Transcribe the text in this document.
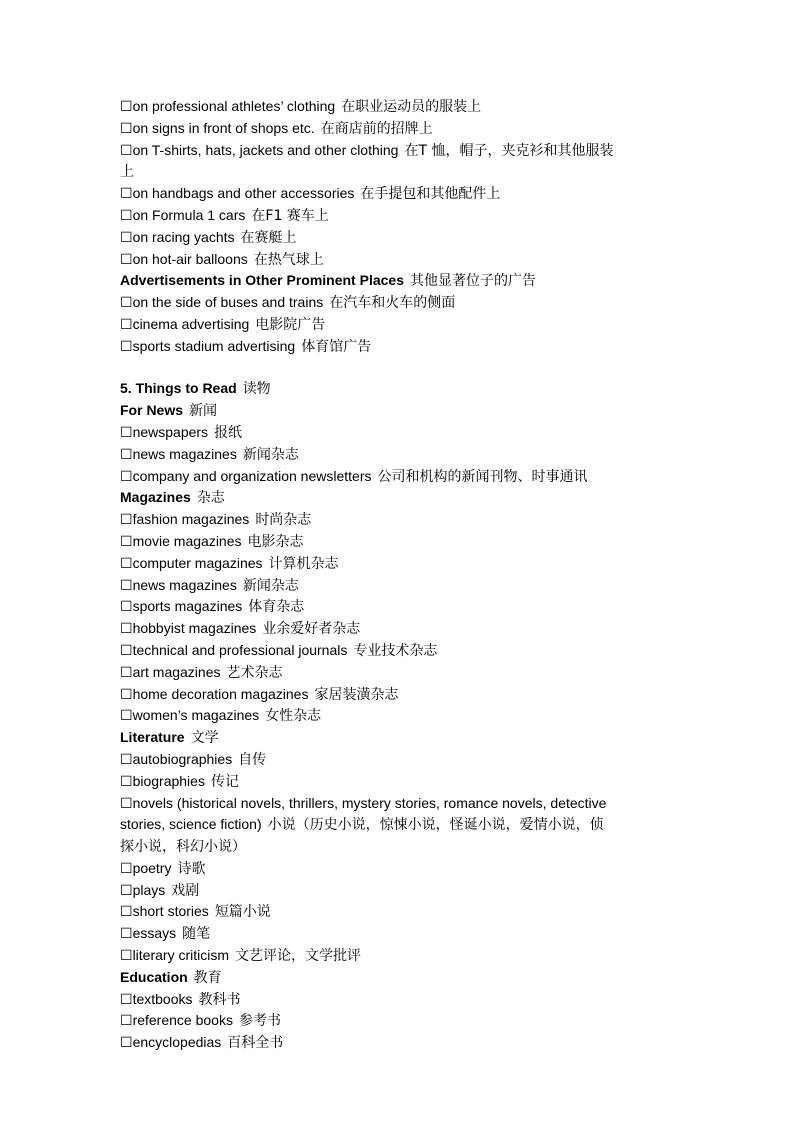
☐on professional athletes’ clothing 在职业运动员的服装上

☐on signs in front of shops etc. 在商店前的招牌上

☐on T-shirts, hats, jackets and other clothing 在T 恤，帽子，夹克衫和其他服装
上

☐on handbags and other accessories 在手提包和其他配件上

☐on Formula 1 cars 在F1 赛车上

☐on racing yachts 在赛艇上

☐on hot-air balloons 在热气球上

Advertisements in Other Prominent Places 其他显著位子的广告

☐on the side of buses and trains 在汽车和火车的侧面

☐cinema advertising 电影院广告

☐sports stadium advertising 体育馆广告

5. Things to Read 读物

For News 新闻

☐newspapers 报纸

☐news magazines 新闻杂志

☐company and organization newsletters 公司和机构的新闻刊物、时事通讯

Magazines 杂志

☐fashion magazines 时尚杂志

☐movie magazines 电影杂志

☐computer magazines 计算机杂志

☐news magazines 新闻杂志

☐sports magazines 体育杂志

☐hobbyist magazines 业余爱好者杂志

☐technical and professional journals 专业技术杂志

☐art magazines 艺术杂志

☐home decoration magazines 家居装潢杂志

☐women’s magazines 女性杂志

Literature 文学

☐autobiographies 自传

☐biographies 传记

☐novels (historical novels, thrillers, mystery stories, romance novels, detective
stories, science fiction) 小说（历史小说，惊悚小说，怪诞小说，爱情小说，侦
探小说，科幻小说）

☐poetry 诗歌

☐plays 戏剧

☐short stories 短篇小说

☐essays 随笔

☐literary criticism 文艺评论，文学批评

Education 教育

☐textbooks 教科书

☐reference books 参考书

☐encyclopedias 百科全书
